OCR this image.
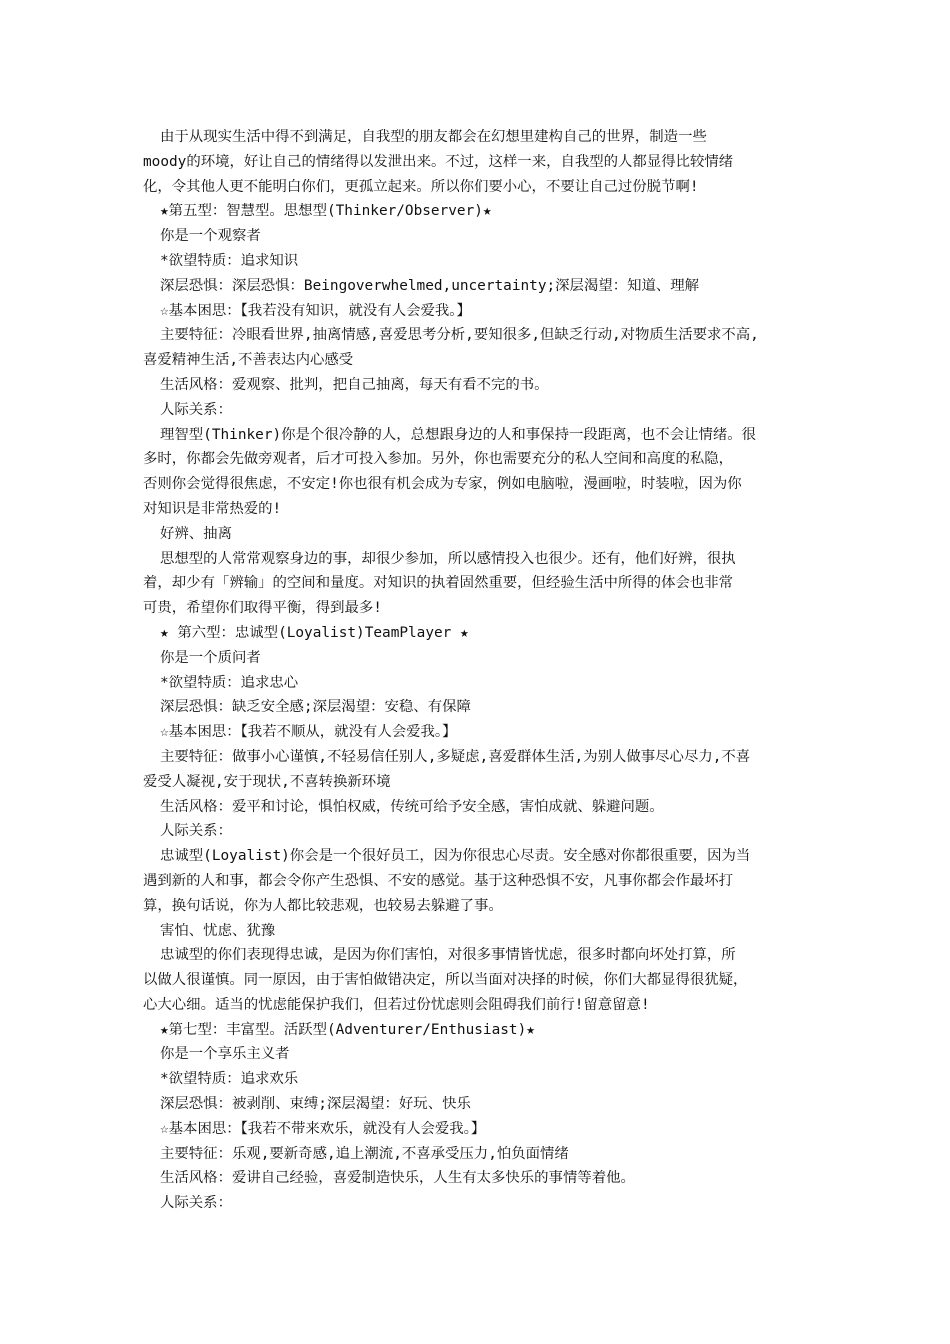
由于从现实生活中得不到满足，自我型的朋友都会在幻想里建构自己的世界，制造一些
moody的环境，好让自己的情绪得以发泄出来。不过，这样一来，自我型的人都显得比较情绪
化，令其他人更不能明白你们，更孤立起来。所以你们要小心，不要让自己过份脱节啊!
★第五型：智慧型。思想型(Thinker/Observer)★
你是一个观察者
*欲望特质：追求知识
深层恐惧：深层恐惧：Beingoverwhelmed,uncertainty;深层渴望：知道、理解
☆基本困思：【我若没有知识，就没有人会爱我。】
主要特征：冷眼看世界,抽离情感,喜爱思考分析,要知很多,但缺乏行动,对物质生活要求不高,
喜爱精神生活,不善表达内心感受
生活风格：爱观察、批判，把自己抽离，每天有看不完的书。
人际关系：
理智型(Thinker)你是个很冷静的人，总想跟身边的人和事保持一段距离，也不会让情绪。很
多时，你都会先做旁观者，后才可投入参加。另外，你也需要充分的私人空间和高度的私隐，
否则你会觉得很焦虑，不安定!你也很有机会成为专家，例如电脑啦，漫画啦，时装啦，因为你
对知识是非常热爱的!
好辨、抽离
思想型的人常常观察身边的事，却很少参加，所以感情投入也很少。还有，他们好辨，很执
着，却少有「辨输」的空间和量度。对知识的执着固然重要，但经验生活中所得的体会也非常
可贵，希望你们取得平衡，得到最多!
★ 第六型：忠诚型(Loyalist)TeamPlayer ★
你是一个质问者
*欲望特质：追求忠心
深层恐惧：缺乏安全感;深层渴望：安稳、有保障
☆基本困思：【我若不顺从，就没有人会爱我。】
主要特征：做事小心谨慎,不轻易信任别人,多疑虑,喜爱群体生活,为别人做事尽心尽力,不喜
爱受人凝视,安于现状,不喜转换新环境
生活风格：爱平和讨论，惧怕权威，传统可给予安全感，害怕成就、躲避问题。
人际关系：
忠诚型(Loyalist)你会是一个很好员工，因为你很忠心尽责。安全感对你都很重要，因为当
遇到新的人和事，都会令你产生恐惧、不安的感觉。基于这种恐惧不安，凡事你都会作最坏打
算，换句话说，你为人都比较悲观，也较易去躲避了事。
害怕、忧虑、犹豫
忠诚型的你们表现得忠诚，是因为你们害怕，对很多事情皆忧虑，很多时都向坏处打算，所
以做人很谨慎。同一原因，由于害怕做错决定，所以当面对决择的时候，你们大都显得很犹疑，
心大心细。适当的忧虑能保护我们，但若过份忧虑则会阻碍我们前行!留意留意!
★第七型：丰富型。活跃型(Adventurer/Enthusiast)★
你是一个享乐主义者
*欲望特质：追求欢乐
深层恐惧：被剥削、束缚;深层渴望：好玩、快乐
☆基本困思：【我若不带来欢乐，就没有人会爱我。】
主要特征：乐观,要新奇感,追上潮流,不喜承受压力,怕负面情绪
生活风格：爱讲自己经验，喜爱制造快乐，人生有太多快乐的事情等着他。
人际关系：
